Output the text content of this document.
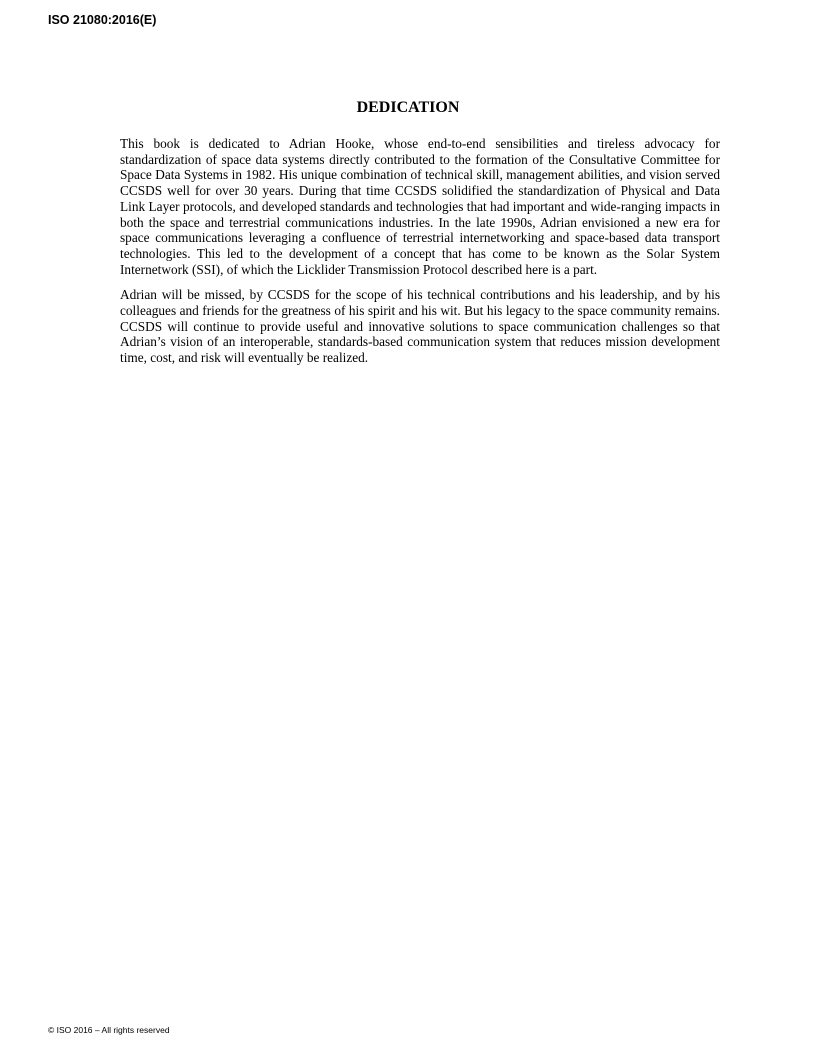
ISO 21080:2016(E)
DEDICATION

This book is dedicated to Adrian Hooke, whose end-to-end sensibilities and tireless advocacy for standardization of space data systems directly contributed to the formation of the Consultative Committee for Space Data Systems in 1982. His unique combination of technical skill, management abilities, and vision served CCSDS well for over 30 years. During that time CCSDS solidified the standardization of Physical and Data Link Layer protocols, and developed standards and technologies that had important and wide-ranging impacts in both the space and terrestrial communications industries. In the late 1990s, Adrian envisioned a new era for space communications leveraging a confluence of terrestrial internetworking and space-based data transport technologies. This led to the development of a concept that has come to be known as the Solar System Internetwork (SSI), of which the Licklider Transmission Protocol described here is a part.

Adrian will be missed, by CCSDS for the scope of his technical contributions and his leadership, and by his colleagues and friends for the greatness of his spirit and his wit. But his legacy to the space community remains. CCSDS will continue to provide useful and innovative solutions to space communication challenges so that Adrian’s vision of an interoperable, standards-based communication system that reduces mission development time, cost, and risk will eventually be realized.

© ISO 2016 – All rights reserved
